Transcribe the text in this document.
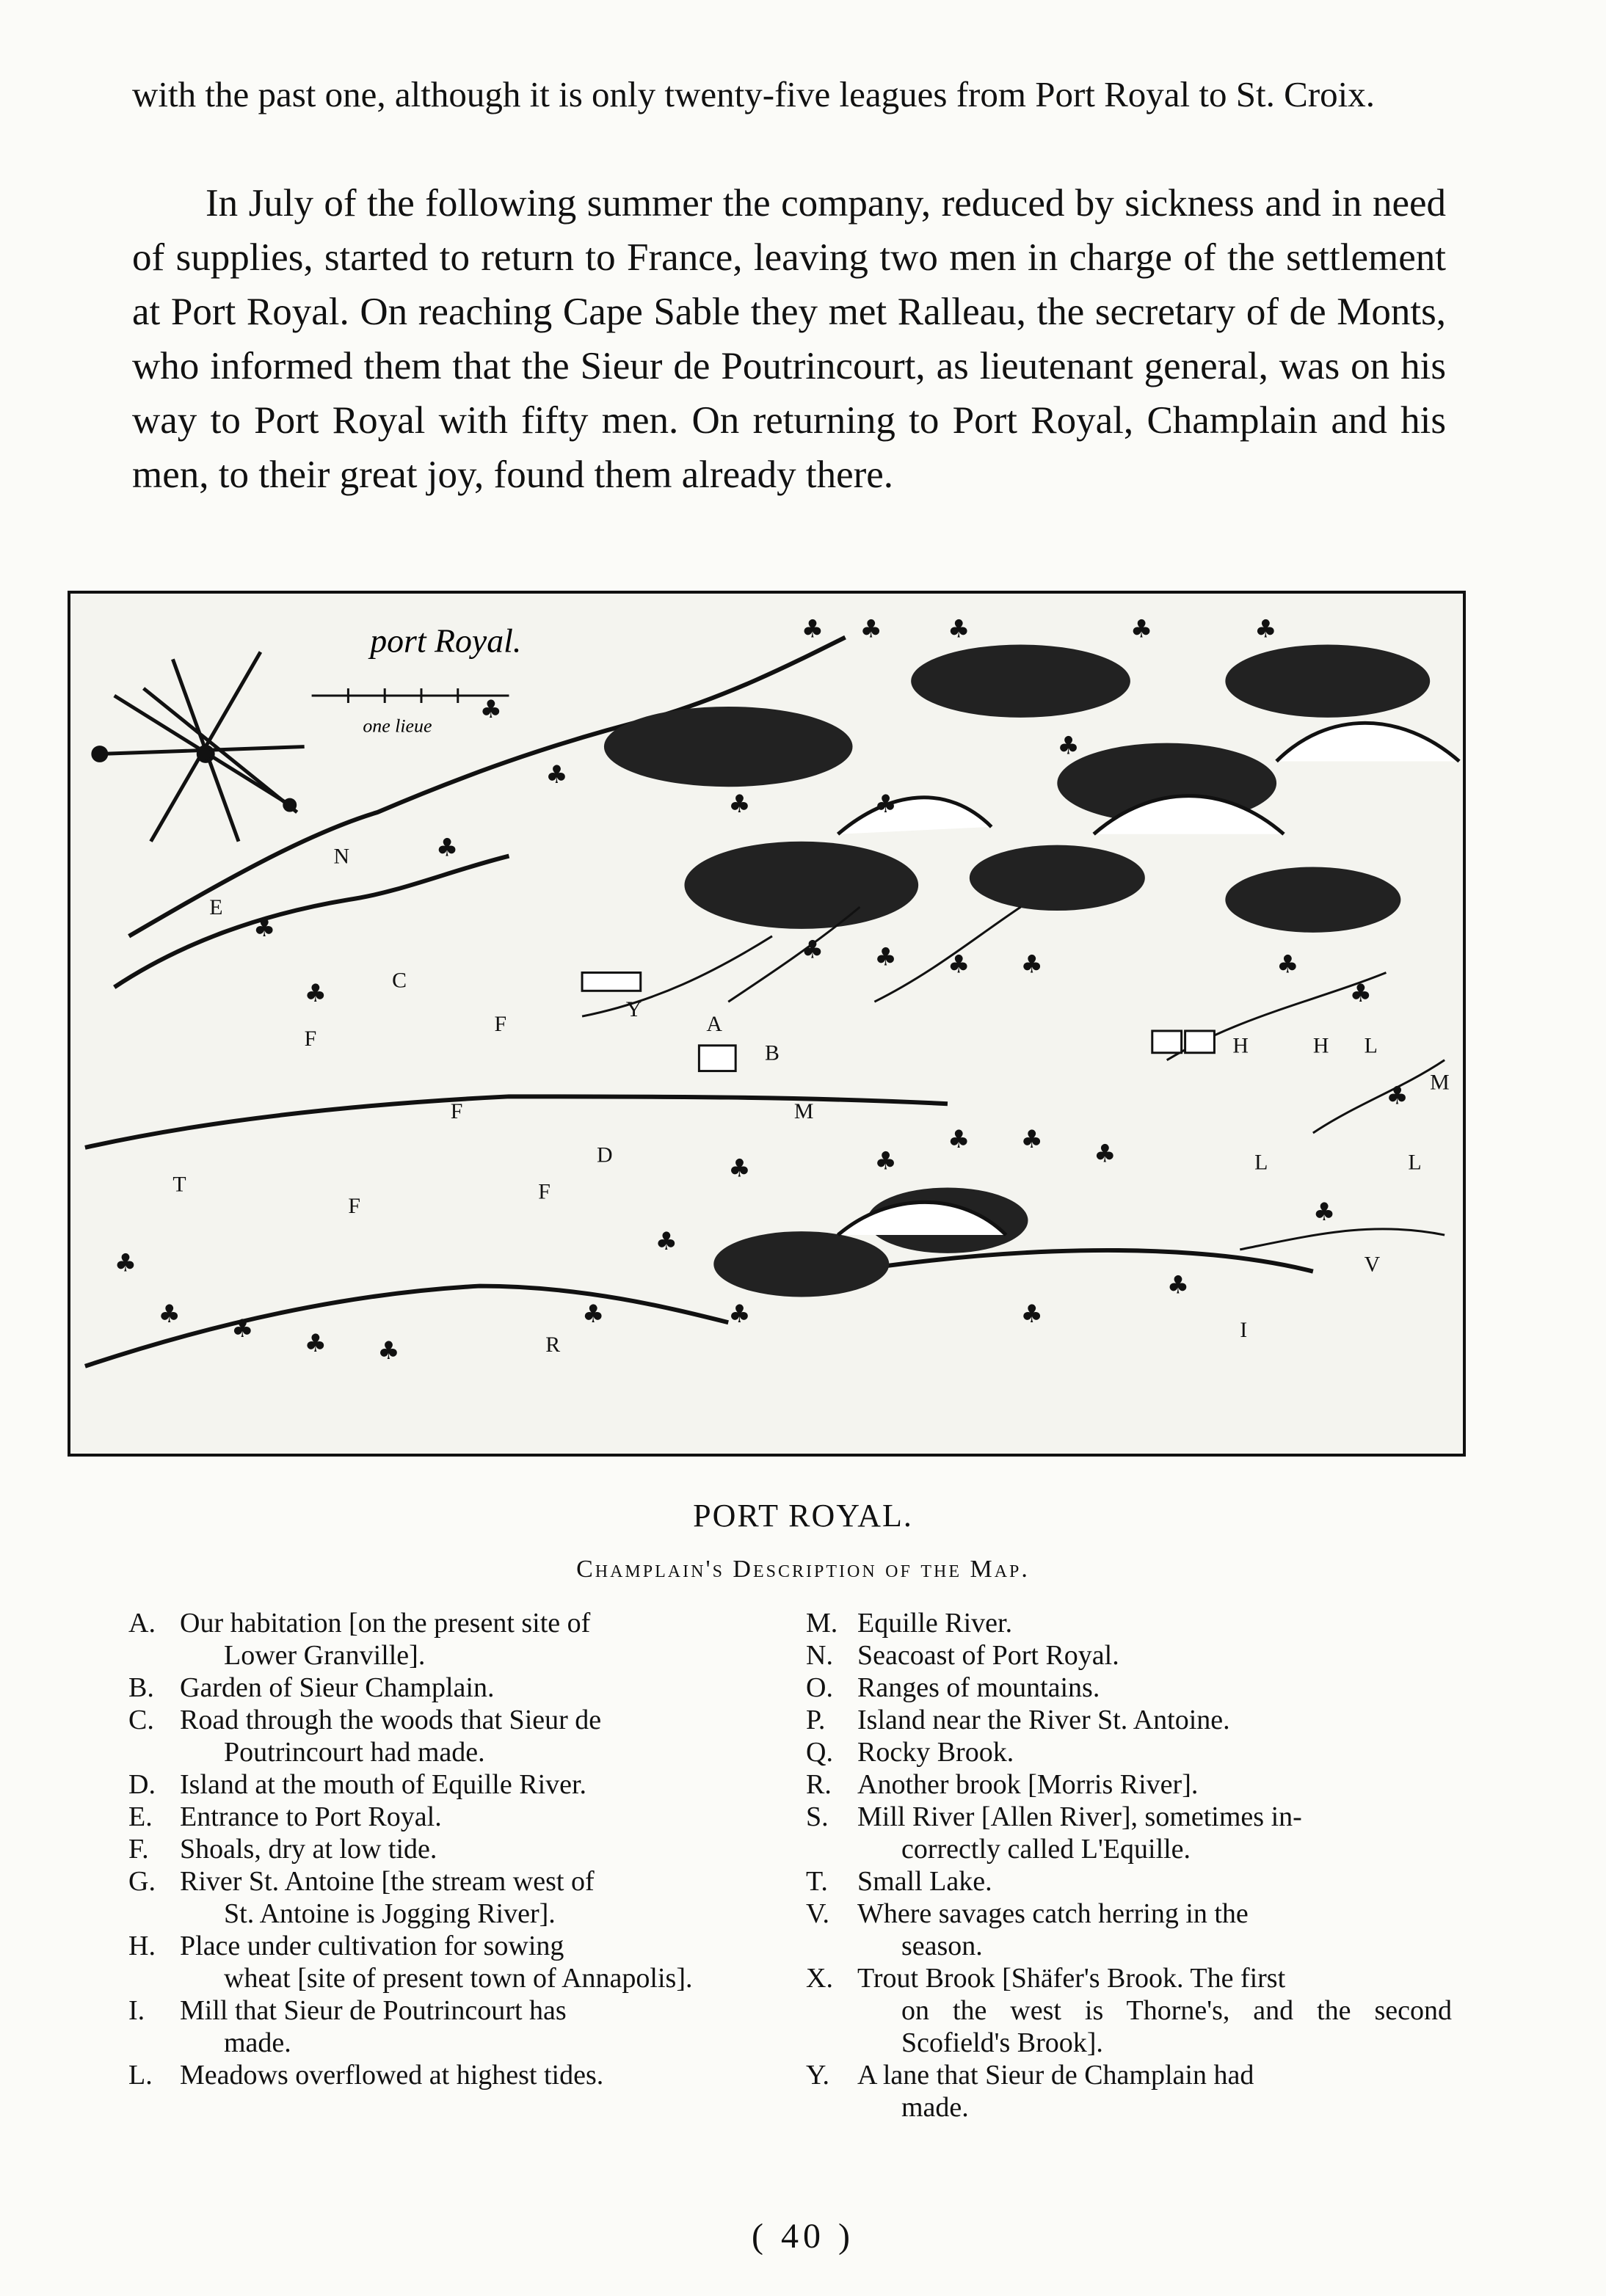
with the past one, although it is only twenty-five leagues from Port Royal to St. Croix.

In July of the following summer the company, reduced by sickness and in need of supplies, started to return to France, leaving two men in charge of the settlement at Port Royal. On reaching Cape Sable they met Ralleau, the secretary of de Monts, who informed them that the Sieur de Poutrincourt, as lieutenant general, was on his way to Port Royal with fifty men. On returning to Port Royal, Champlain and his men, to their great joy, found them already there.

port Royal.
one lieue
♣
♣ ♣	♣	♣	♣
♣	♣
♣
♣
♣
♣
♣
♣ ♣ ♣ ♣	♣
♣
♣ ♣
♣
♣
♣
♣
♣
♣
♣ ♣
♣	♣	♣
♣
♣
♣
♣
N
E
C
F
F
F
F
F
A
B
D
H	H L
L	L
M
M
I
R
Y
T
V
PORT ROYAL.
Champlain's Description of the Map.
A. Our habitation [on the present site of
Lower Granville].
B. Garden of Sieur Champlain.
C. Road through the woods that Sieur de
Poutrincourt had made.
D. Island at the mouth of Equille River.
E. Entrance to Port Royal.
F.	Shoals, dry at low tide.
G. River St. Antoine [the stream west of
St. Antoine is Jogging River].
H. Place under cultivation for sowing
wheat [site of present town of Annapolis].
I.	Mill that Sieur de Poutrincourt has
made.
L. Meadows overflowed at highest tides.
M. Equille River.
N. Seacoast of Port Royal.
O. Ranges of mountains.
P.	Island near the River St. Antoine.
Q. Rocky Brook.
R. Another brook [Morris River].
S.	Mill River [Allen River], sometimes in-
correctly called L'Equille.
T.	Small Lake.
V. Where savages catch herring in the
season.
X. Trout Brook [Shäfer's Brook. The first
on the west is Thorne's, and the second Scofield's Brook].
Y. A lane that Sieur de Champlain had
made.
( 40 )
